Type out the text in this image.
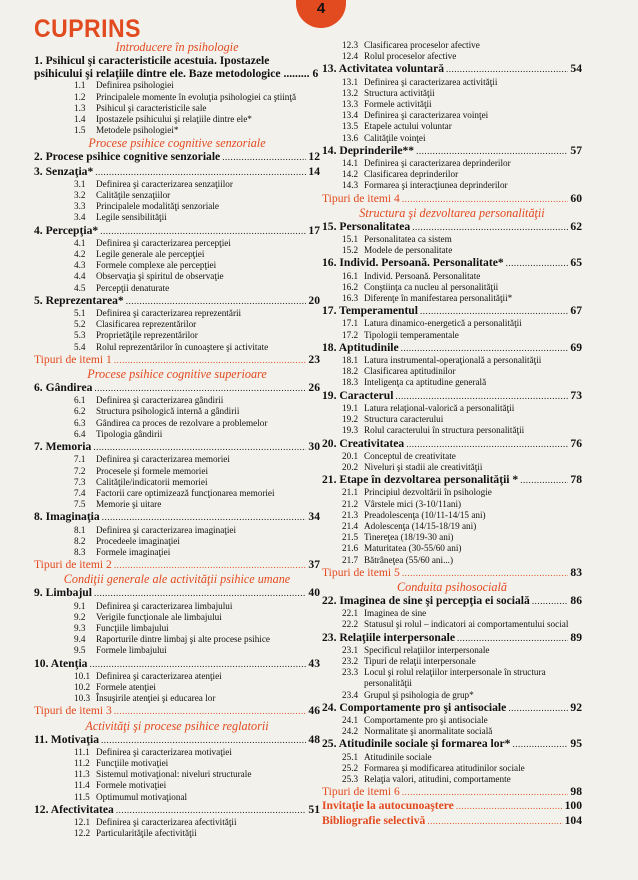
4
CUPRINS
Introducere în psihologie
1. Psihicul şi caracteristicile acestuia. Ipostazele psihicului şi relaţiile dintre ele. Baze metodologice ......... 6
1.1	Definirea psihologiei
1.2	Principalele momente în evoluţia psihologiei ca ştiinţă
1.3	Psihicul şi caracteristicile sale
1.4	Ipostazele psihicului şi relaţiile dintre ele*
1.5	Metodele psihologiei*
Procese psihice cognitive senzoriale
2. Procese psihice cognitive senzoriale .....	12
3. Senzaţia* .....	14
3.1	Definirea şi caracterizarea senzaţiilor
3.2	Calităţile senzaţiilor
3.3	Principalele modalităţi senzoriale
3.4	Legile sensibilităţii
4. Percepţia* .....	17
4.1	Definirea şi caracterizarea percepţiei
4.2	Legile generale ale percepţiei
4.3	Formele complexe ale percepţiei
4.4	Observaţia şi spiritul de observaţie
4.5	Percepţii denaturate
5. Reprezentarea* .....	20
5.1	Definirea şi caracterizarea reprezentării
5.2	Clasificarea reprezentărilor
5.3	Proprietăţile reprezentărilor
5.4	Rolul reprezentărilor în cunoaştere şi activitate
Tipuri de itemi 1 .....	23
Procese psihice cognitive superioare
6. Gândirea .....	26
6.1	Definirea şi caracterizarea gândirii
6.2	Structura psihologică internă a gândirii
6.3	Gândirea ca proces de rezolvare a problemelor
6.4	Tipologia gândirii
7. Memoria .....	30
7.1	Definirea şi caracterizarea memoriei
7.2	Procesele şi formele memoriei
7.3	Calităţile/indicatorii memoriei
7.4	Factorii care optimizează funcţionarea memoriei
7.5	Memorie şi uitare
8. Imaginaţia .....	34
8.1	Definirea şi caracterizarea imaginaţiei
8.2	Procedeele imaginaţiei
8.3	Formele imaginaţiei
Tipuri de itemi 2 .....	37
Condiţii generale ale activităţii psihice umane
9. Limbajul .....	40
9.1	Definirea şi caracterizarea limbajului
9.2	Verigile funcţionale ale limbajului
9.3	Funcţiile limbajului
9.4	Raporturile dintre limbaj şi alte procese psihice
9.5	Formele limbajului
10. Atenţia .....	43
10.1 Definirea şi caracterizarea atenţiei
10.2 Formele atenţiei
10.3 Însuşirile atenţiei şi educarea lor
Tipuri de itemi 3 .....	46
Activităţi şi procese psihice reglatorii
11. Motivaţia .....	48
11.1 Definirea şi caracterizarea motivaţiei
11.2 Funcţiile motivaţiei
11.3 Sistemul motivaţional: niveluri structurale
11.4 Formele motivaţiei
11.5 Optimumul motivaţional
12. Afectivitatea .....	51
12.1 Definirea şi caracterizarea afectivităţii
12.2 Particularităţile afectivităţii
12.3 Clasificarea proceselor afective
12.4 Rolul proceselor afective
13. Activitatea voluntară .....	54
13.1 Definirea şi caracterizarea activităţii
13.2 Structura activităţii
13.3 Formele activităţii
13.4 Definirea şi caracterizarea voinţei
13.5 Etapele actului voluntar
13.6 Calităţile voinţei
14. Deprinderile** .....	57
14.1 Definirea şi caracterizarea deprinderilor
14.2 Clasificarea deprinderilor
14.3 Formarea şi interacţiunea deprinderilor
Tipuri de itemi 4 .....	60
Structura şi dezvoltarea personalităţii
15. Personalitatea .....	62
15.1 Personalitatea ca sistem
15.2 Modele de personalitate
16. Individ. Persoană. Personalitate* .....	65
16.1 Individ. Persoană. Personalitate
16.2 Conştiinţa ca nucleu al personalităţii
16.3 Diferenţe în manifestarea personalităţii*
17. Temperamentul .....	67
17.1 Latura dinamico-energetică a personalităţii
17.2 Tipologii temperamentale
18. Aptitudinile .....	69
18.1 Latura instrumental-operaţională a personalităţii
18.2 Clasificarea aptitudinilor
18.3 Inteligenţa ca aptitudine generală
19. Caracterul .....	73
19.1 Latura relaţional-valorică a personalităţii
19.2 Structura caracterului
19.3 Rolul caracterului în structura personalităţii
20. Creativitatea .....	76
20.1 Conceptul de creativitate
20.2 Niveluri şi stadii ale creativităţii
21. Etape în dezvoltarea personalităţii * .....	78
21.1 Principiul dezvoltării în psihologie
21.2 Vârstele mici (3-10/11ani)
21.3 Preadolescenţa (10/11-14/15 ani)
21.4 Adolescenţa (14/15-18/19 ani)
21.5 Tinereţea (18/19-30 ani)
21.6 Maturitatea (30-55/60 ani)
21.7 Bătrâneţea (55/60 ani...)
Tipuri de itemi 5 .....	83
Conduita psihosocială
22. Imaginea de sine şi percepţia ei socială .....	86
22.1 Imaginea de sine
22.2 Statusul şi rolul – indicatori ai comportamentului social
23. Relaţiile interpersonale .....	89
23.1 Specificul relaţiilor interpersonale
23.2 Tipuri de relaţii interpersonale
23.3 Locul şi rolul relaţiilor interpersonale în structura personalităţii
23.4 Grupul şi psihologia de grup*
24. Comportamente pro şi antisociale .....	92
24.1 Comportamente pro şi antisociale
24.2 Normalitate şi anormalitate socială
25. Atitudinile sociale şi formarea lor* .....	95
25.1 Atitudinile sociale
25.2 Formarea şi modificarea atitudinilor sociale
25.3 Relaţia valori, atitudini, comportamente
Tipuri de itemi 6 .....	98
Invitaţie la autocunoaştere .....	100
Bibliografie selectivă .....	104
